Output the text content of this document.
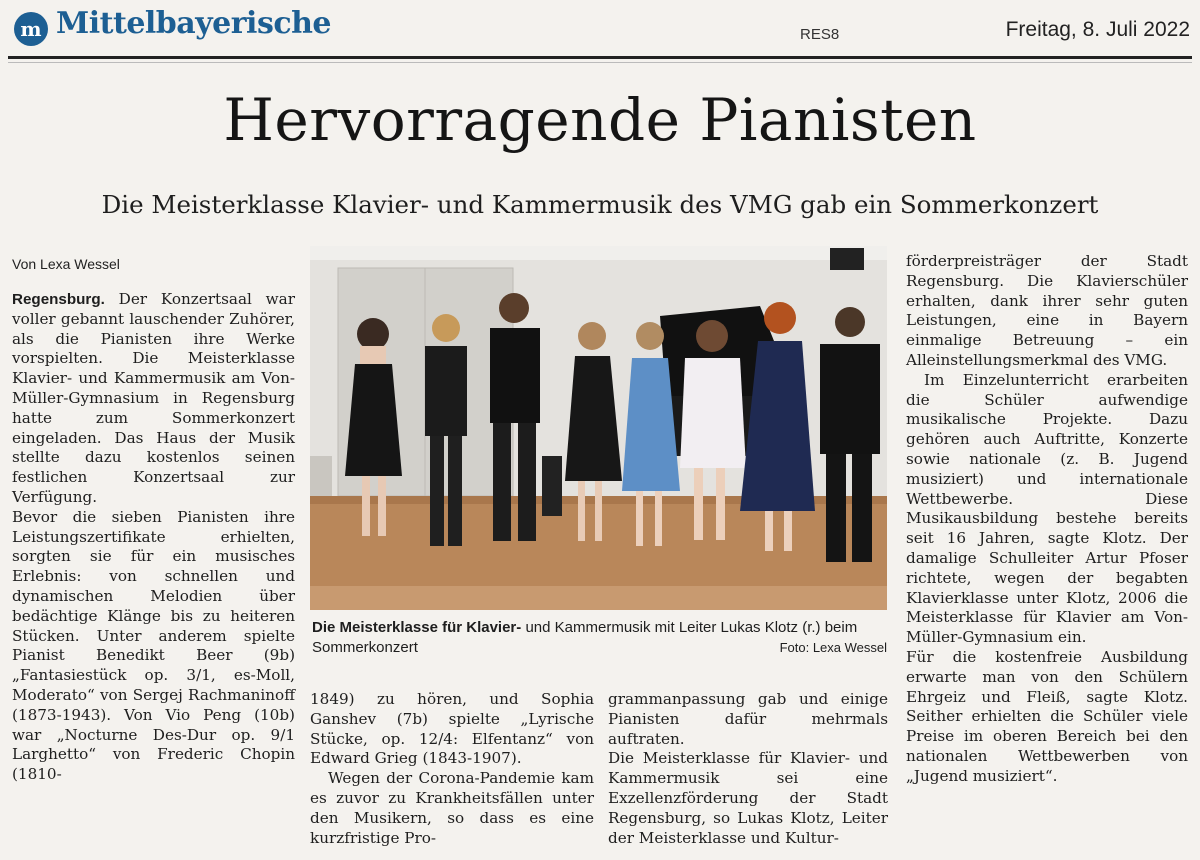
m Mittelbayerische	RES8	Freitag, 8. Juli 2022
Hervorragende Pianisten
Die Meisterklasse Klavier- und Kammermusik des VMG gab ein Sommerkonzert
Von Lexa Wessel

Regensburg. Der Konzertsaal war voller gebannt lauschender Zuhörer, als die Pianisten ihre Werke vorspielten. Die Meisterklasse Klavier- und Kammermusik am Von-Müller-Gymnasium in Regensburg hatte zum Sommerkonzert eingeladen. Das Haus der Musik stellte dazu kostenlos seinen festlichen Konzertsaal zur Verfügung.

Bevor die sieben Pianisten ihre Leistungszertifikate erhielten, sorgten sie für ein musisches Erlebnis: von schnellen und dynamischen Melodien über bedächtige Klänge bis zu heiteren Stücken. Unter anderem spielte Pianist Benedikt Beer (9b) „Fantasiestück op. 3/1, es-Moll, Moderato“ von Sergej Rachmaninoff (1873-1943). Von Vio Peng (10b) war „Nocturne Des-Dur op. 9/1 Larghetto“ von Frederic Chopin (1810-

Die Meisterklasse für Klavier- und Kammermusik mit Leiter Lukas Klotz (r.) beim Sommerkonzert	Foto: Lexa Wessel

1849) zu hören, und Sophia Ganshev (7b) spielte „Lyrische Stücke, op. 12/4: Elfentanz“ von Edward Grieg (1843-1907).

Wegen der Corona-Pandemie kam es zuvor zu Krankheitsfällen unter den Musikern, so dass es eine kurzfristige Pro-

grammanpassung gab und einige Pianisten dafür mehrmals auftraten.

Die Meisterklasse für Klavier- und Kammermusik sei eine Exzellenzförderung der Stadt Regensburg, so Lukas Klotz, Leiter der Meisterklasse und Kultur-

förderpreisträger der Stadt Regensburg. Die Klavierschüler erhalten, dank ihrer sehr guten Leistungen, eine in Bayern einmalige Betreuung – ein Alleinstellungsmerkmal des VMG.

Im Einzelunterricht erarbeiten die Schüler aufwendige musikalische Projekte. Dazu gehören auch Auftritte, Konzerte sowie nationale (z. B. Jugend musiziert) und internationale Wettbewerbe. Diese Musikausbildung bestehe bereits seit 16 Jahren, sagte Klotz. Der damalige Schulleiter Artur Pfoser richtete, wegen der begabten Klavierklasse unter Klotz, 2006 die Meisterklasse für Klavier am Von-Müller-Gymnasium ein.

Für die kostenfreie Ausbildung erwarte man von den Schülern Ehrgeiz und Fleiß, sagte Klotz. Seither erhielten die Schüler viele Preise im oberen Bereich bei den nationalen Wettbewerben von „Jugend musiziert“.
